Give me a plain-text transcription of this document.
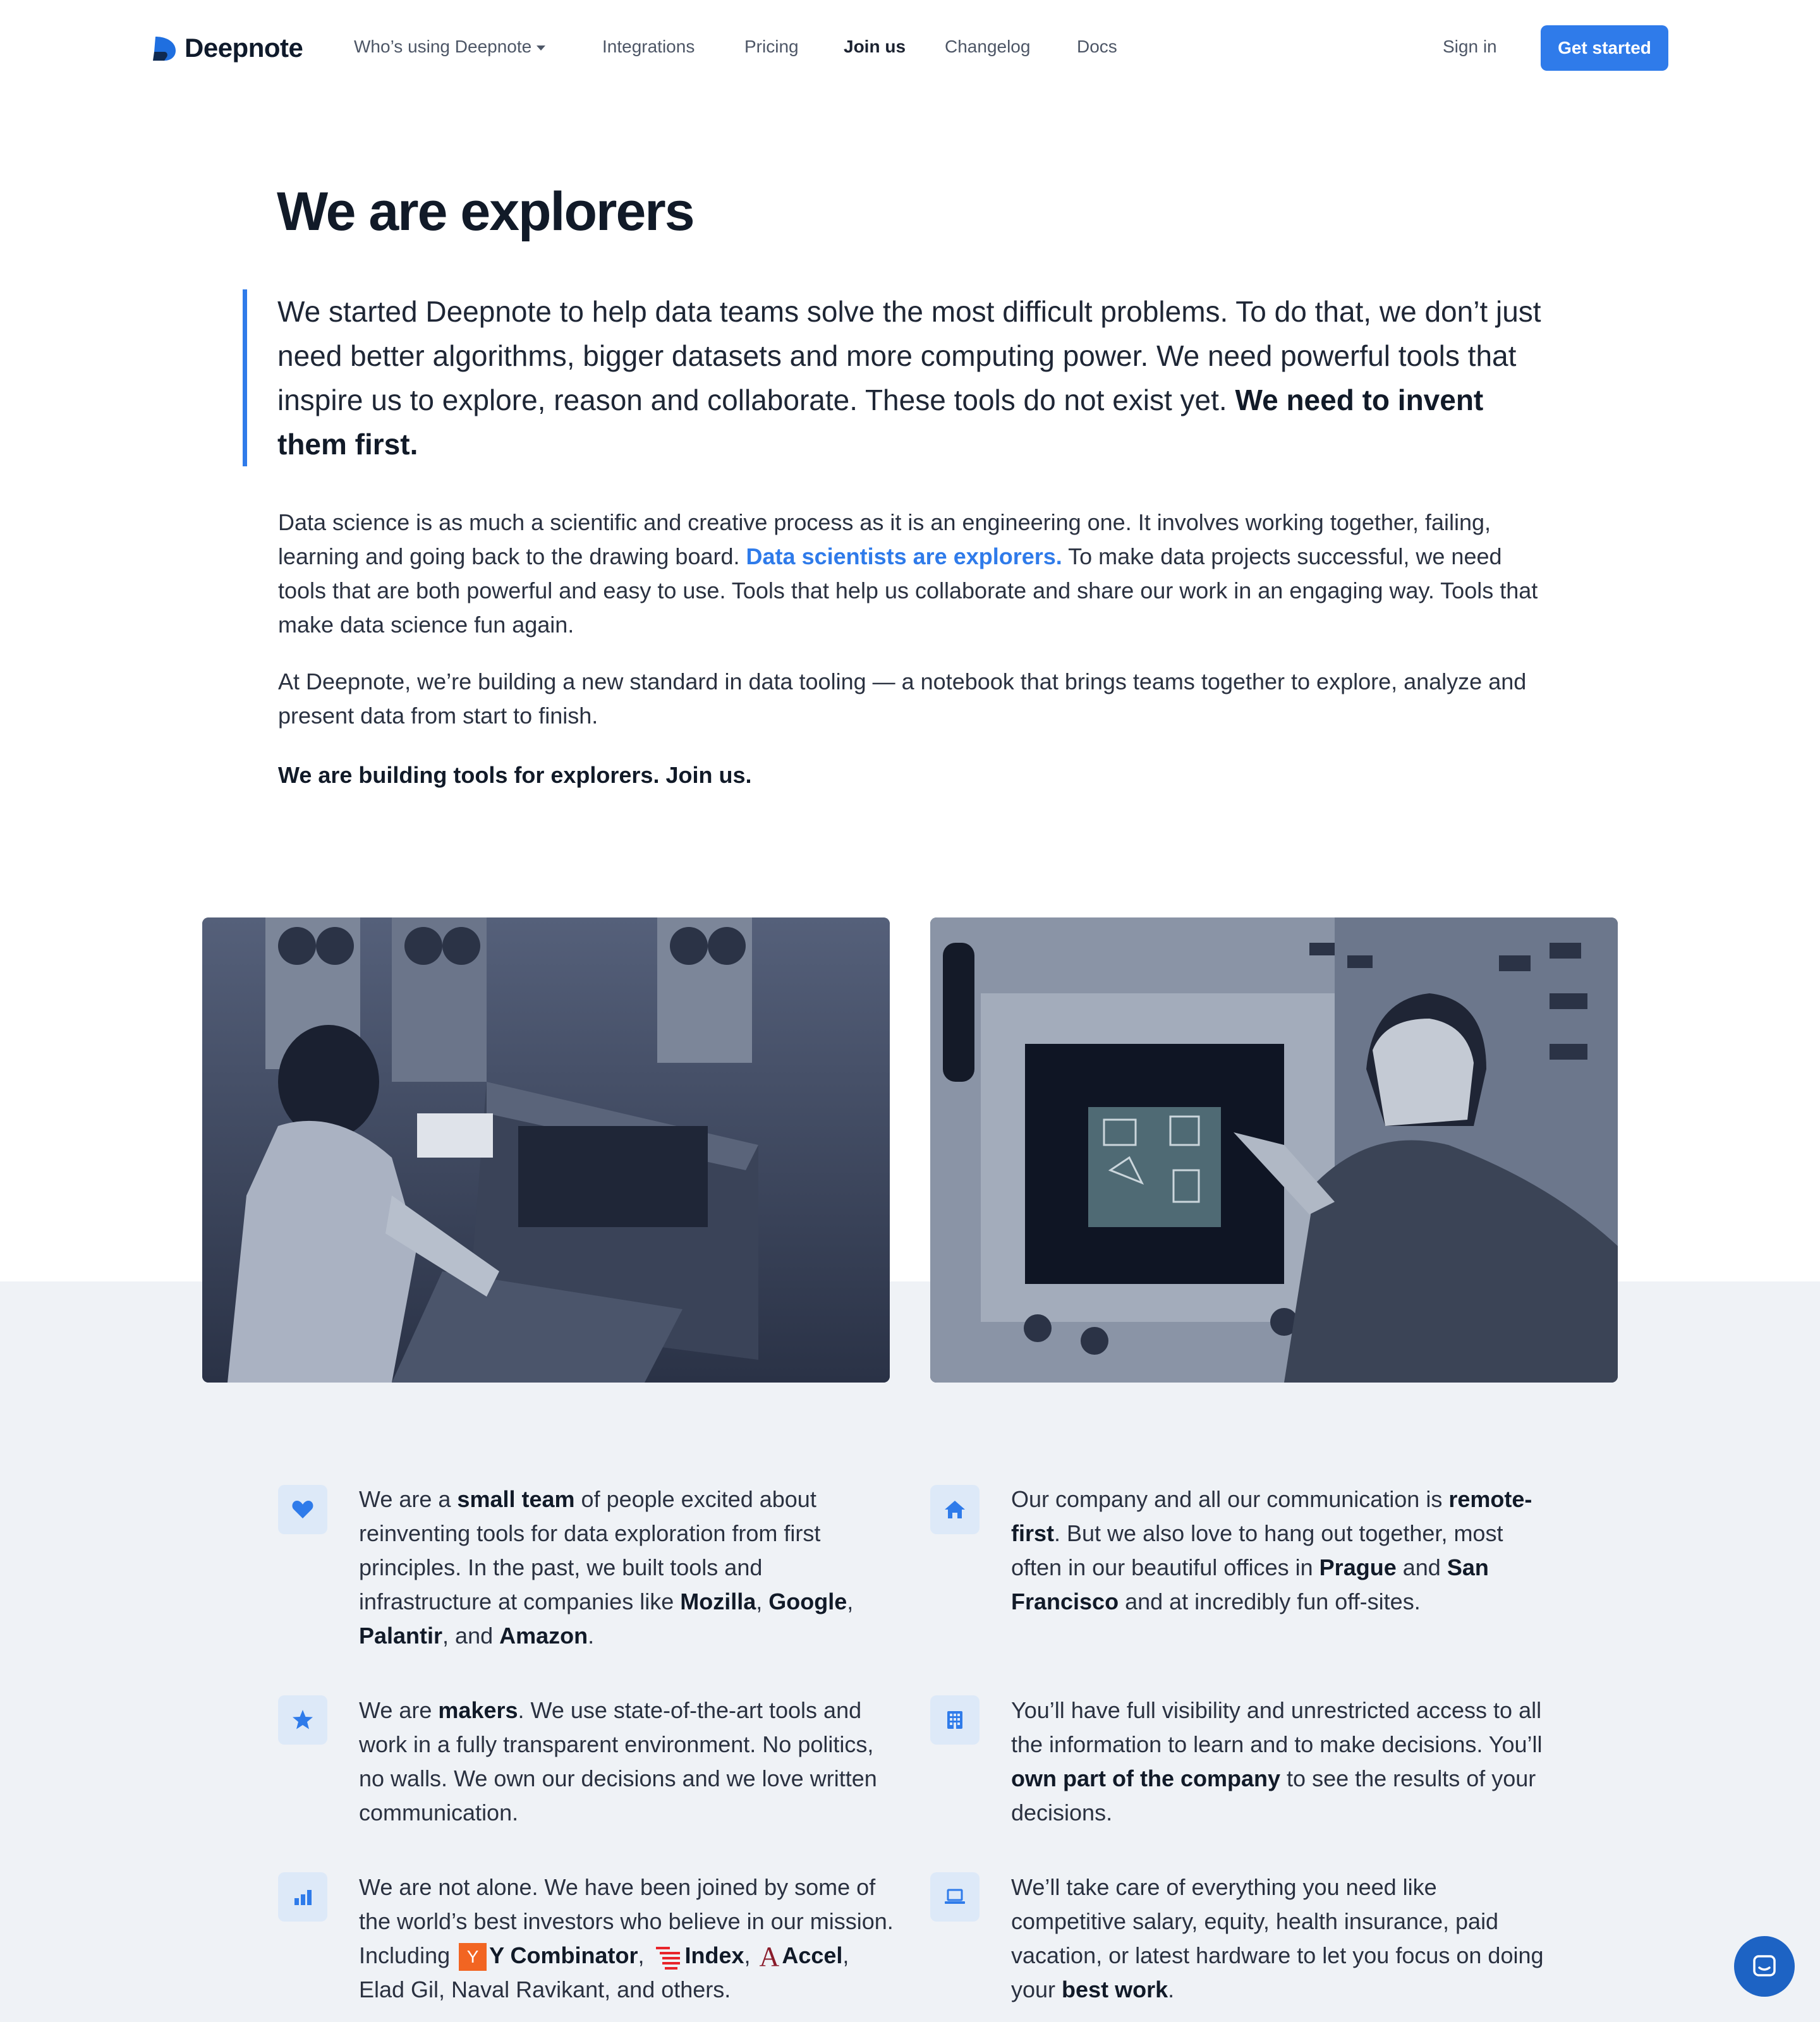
Deepnote	Who’s using Deepnote	Integrations	Pricing	Join us Changelog	Docs	Sign in	Get started
We are explorers

We started Deepnote to help data teams solve the most difficult problems. To do that, we don’t just need better algorithms, bigger datasets and more computing power. We need powerful tools that inspire us to explore, reason and collaborate. These tools do not exist yet. We need to invent them first.

Data science is as much a scientific and creative process as it is an engineering one. It involves working together, failing, learning and going back to the drawing board. Data scientists are explorers. To make data projects successful, we need tools that are both powerful and easy to use. Tools that help us collaborate and share our work in an engaging way. Tools that make data science fun again.

At Deepnote, we’re building a new standard in data tooling — a notebook that brings teams together to explore, analyze and present data from start to finish.

We are building tools for explorers. Join us.

We are a small team of people excited about reinventing tools for data exploration from first principles. In the past, we built tools and infrastructure at companies like Mozilla, Google, Palantir, and Amazon.

We are makers. We use state-of-the-art tools and work in a fully transparent environment. No politics, no walls. We own our decisions and we love written communication.

We are not alone. We have been joined by some of the world’s best investors who believe in our mission. Including Y Y Combinator, Index, A Accel, Elad Gil, Naval Ravikant, and others.

Our company and all our communication is remote-first. But we also love to hang out together, most often in our beautiful offices in Prague and San Francisco and at incredibly fun off-sites.

You’ll have full visibility and unrestricted access to all the information to learn and to make decisions. You’ll own part of the company to see the results of your decisions.

We’ll take care of everything you need like competitive salary, equity, health insurance, paid vacation, or latest hardware to let you focus on doing your best work.
